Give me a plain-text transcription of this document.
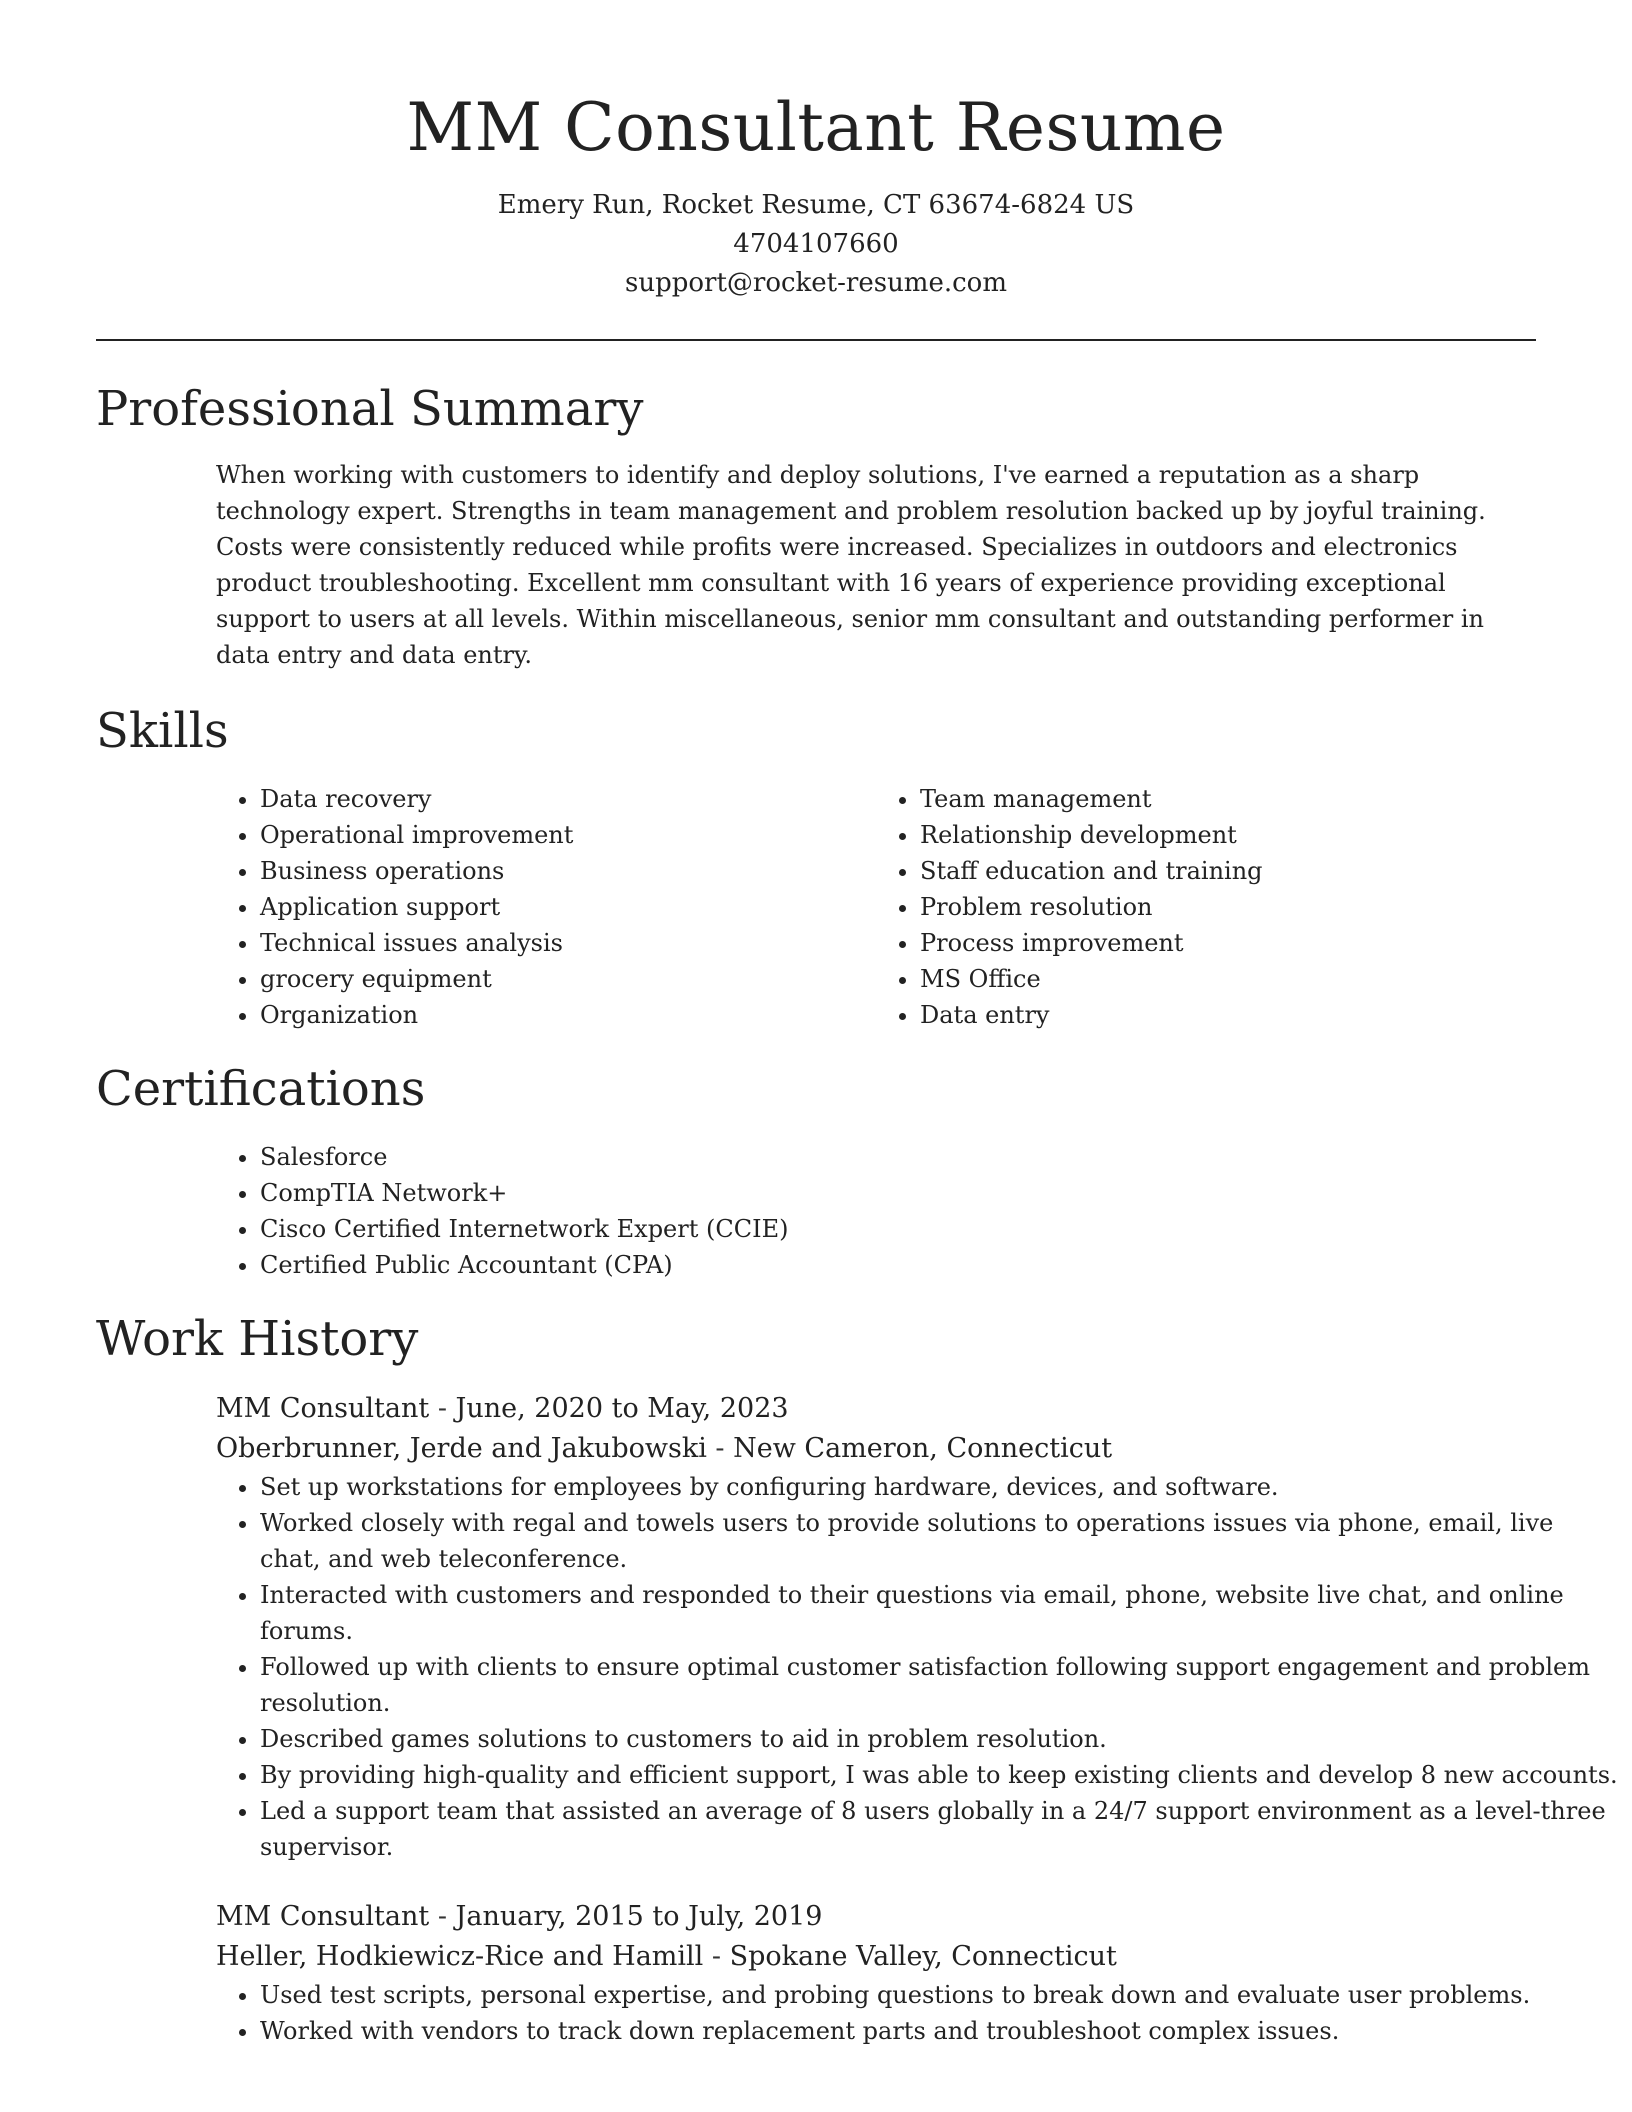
MM Consultant Resume
Emery Run, Rocket Resume, CT 63674-6824 US
4704107660
support@rocket-resume.com
Professional Summary

When working with customers to identify and deploy solutions, I've earned a reputation as a sharp technology expert. Strengths in team management and problem resolution backed up by joyful training. Costs were consistently reduced while profits were increased. Specializes in outdoors and electronics product troubleshooting. Excellent mm consultant with 16 years of experience providing exceptional support to users at all levels. Within miscellaneous, senior mm consultant and outstanding performer in data entry and data entry.

Skills
• Data recovery
• Operational improvement
• Business operations
• Application support
• Technical issues analysis
• grocery equipment
• Organization
• Team management
• Relationship development
• Staff education and training
• Problem resolution
• Process improvement
• MS Office
• Data entry
Certifications
• Salesforce
• CompTIA Network+
• Cisco Certified Internetwork Expert (CCIE)
• Certified Public Accountant (CPA)
Work History

MM Consultant - June, 2020 to May, 2023

Oberbrunner, Jerde and Jakubowski - New Cameron, Connecticut

• Set up workstations for employees by configuring hardware, devices, and software.
• Worked closely with regal and towels users to provide solutions to operations issues via phone, email, live chat, and web teleconference.
• Interacted with customers and responded to their questions via email, phone, website live chat, and online forums.
• Followed up with clients to ensure optimal customer satisfaction following support engagement and problem resolution.
• Described games solutions to customers to aid in problem resolution.
• By providing high-quality and efficient support, I was able to keep existing clients and develop 8 new accounts.
• Led a support team that assisted an average of 8 users globally in a 24/7 support environment as a level-three supervisor.

MM Consultant - January, 2015 to July, 2019

Heller, Hodkiewicz-Rice and Hamill - Spokane Valley, Connecticut

• Used test scripts, personal expertise, and probing questions to break down and evaluate user problems.
• Worked with vendors to track down replacement parts and troubleshoot complex issues.
